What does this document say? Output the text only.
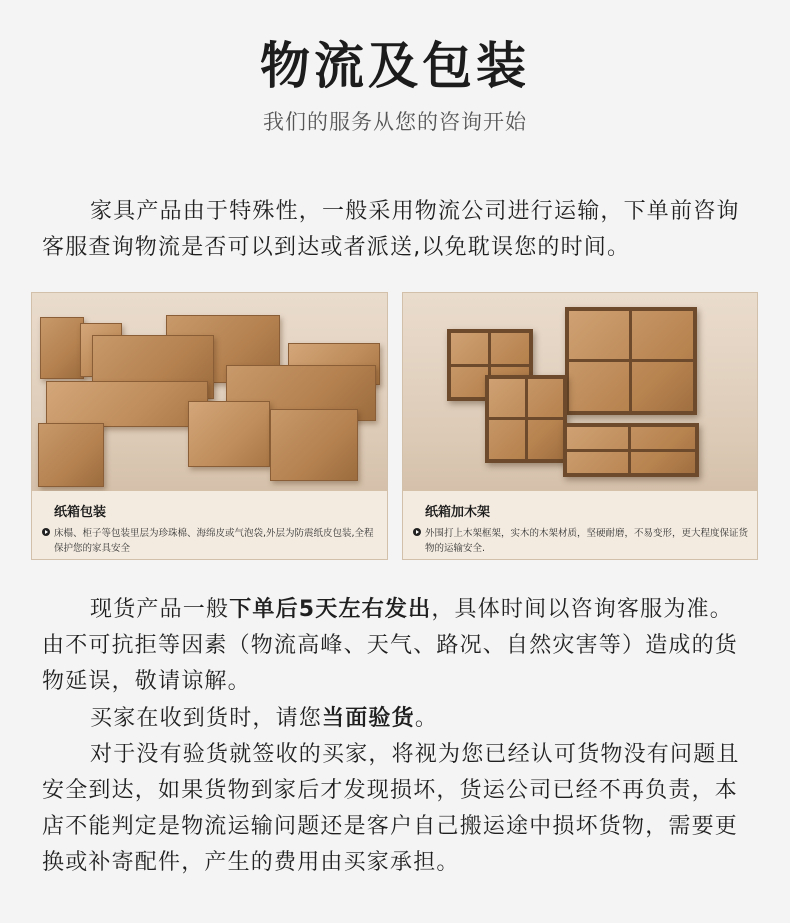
物流及包装
我们的服务从您的咨询开始
家具产品由于特殊性，一般采用物流公司进行运输，下单前咨询客服查询物流是否可以到达或者派送,以免耽误您的时间。
纸箱包装
床榻、柜子等包装里层为珍珠棉、海绵皮或气泡袋,外层为防震纸皮包装,全程保护您的家具安全
纸箱加木架
外围打上木架框架，实木的木架材质，坚硬耐磨，不易变形，更大程度保证货物的运输安全.
现货产品一般下单后5天左右发出，具体时间以咨询客服为准。由不可抗拒等因素（物流高峰、天气、路况、自然灾害等）造成的货物延误，敬请谅解。
买家在收到货时，请您当面验货。
对于没有验货就签收的买家，将视为您已经认可货物没有问题且安全到达，如果货物到家后才发现损坏，货运公司已经不再负责，本店不能判定是物流运输问题还是客户自己搬运途中损坏货物，需要更换或补寄配件，产生的费用由买家承担。
